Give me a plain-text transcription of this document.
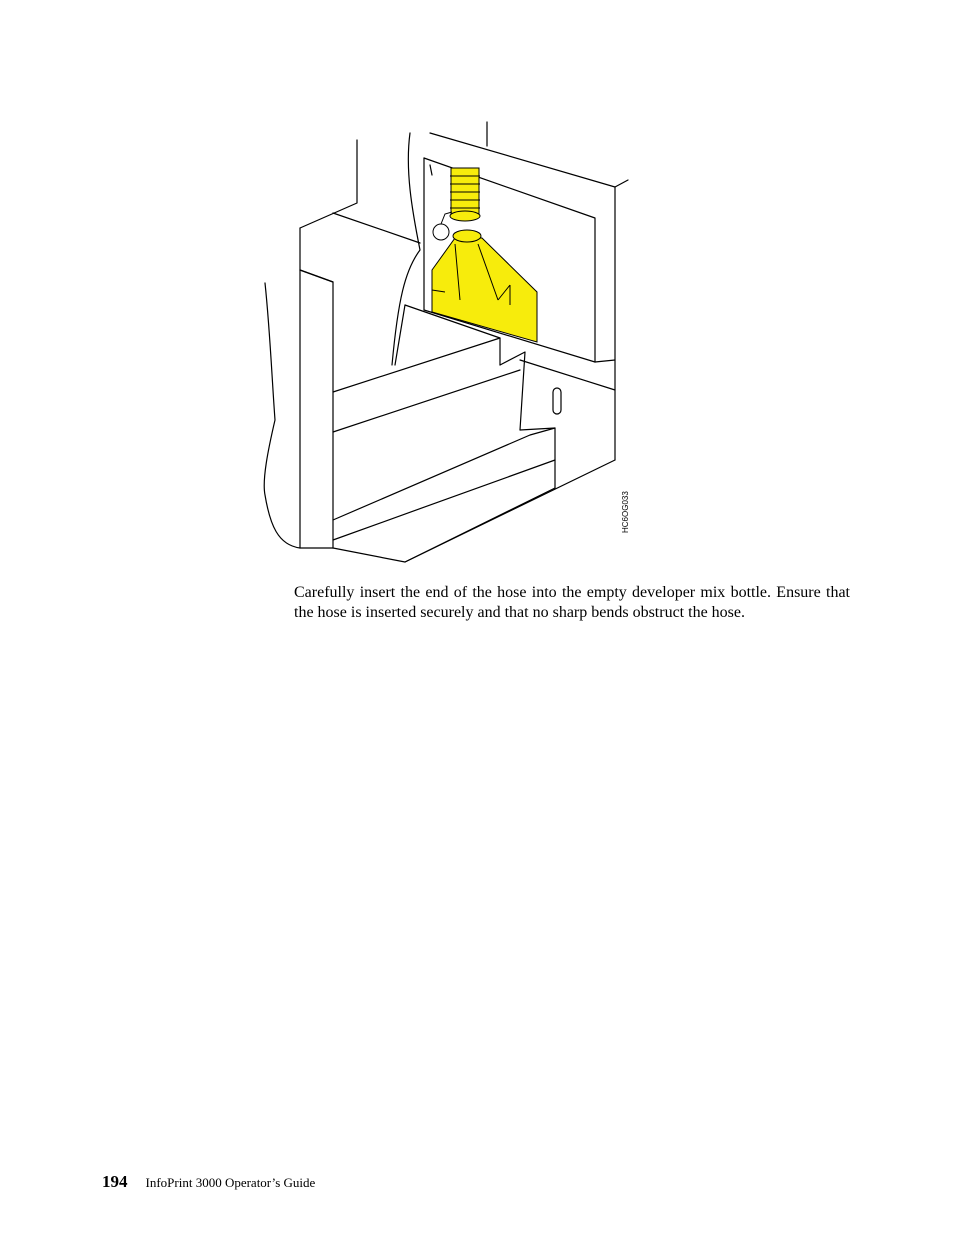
HC6OG033

Carefully insert the end of the hose into the empty developer mix bottle. Ensure that the hose is inserted securely and that no sharp bends obstruct the hose.

194 InfoPrint 3000 Operator’s Guide
